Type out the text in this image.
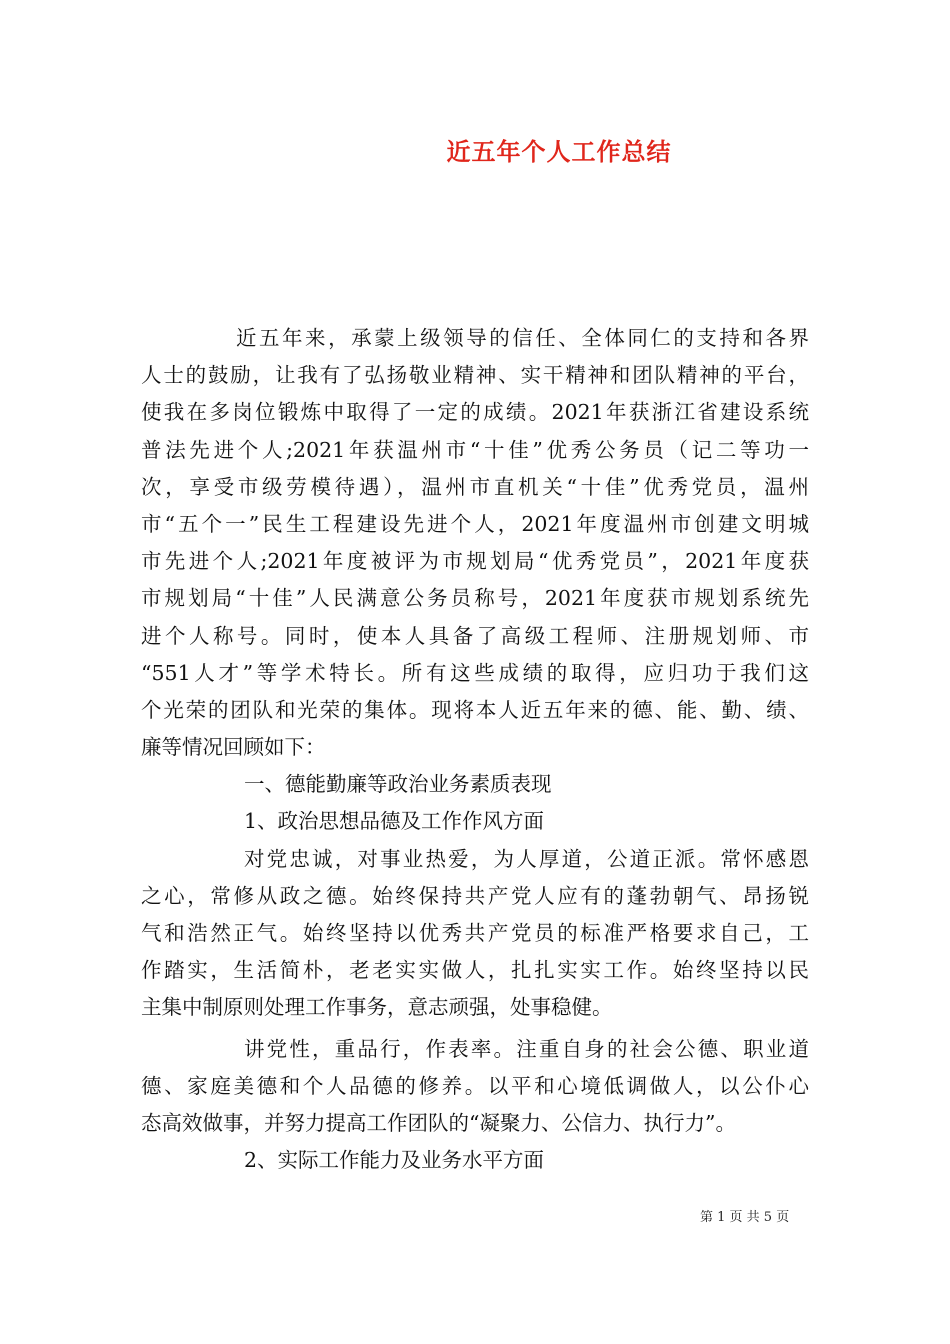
近五年个人工作总结
近五年来，承蒙上级领导的信任、全体同仁的支持和各界
人士的鼓励，让我有了弘扬敬业精神、实干精神和团队精神的平台，
使我在多岗位锻炼中取得了一定的成绩。2021年获浙江省建设系统
普法先进个人;2021年获温州市“十佳”优秀公务员（记二等功一
次，享受市级劳模待遇），温州市直机关“十佳”优秀党员，温州
市“五个一”民生工程建设先进个人，2021年度温州市创建文明城
市先进个人;2021年度被评为市规划局“优秀党员”，2021年度获
市规划局“十佳”人民满意公务员称号，2021年度获市规划系统先
进个人称号。同时，使本人具备了高级工程师、注册规划师、市
“551人才”等学术特长。所有这些成绩的取得，应归功于我们这
个光荣的团队和光荣的集体。现将本人近五年来的德、能、勤、绩、
廉等情况回顾如下：
一、德能勤廉等政治业务素质表现
1、政治思想品德及工作作风方面
对党忠诚，对事业热爱，为人厚道，公道正派。常怀感恩
之心，常修从政之德。始终保持共产党人应有的蓬勃朝气、昂扬锐
气和浩然正气。始终坚持以优秀共产党员的标准严格要求自己，工
作踏实，生活简朴，老老实实做人，扎扎实实工作。始终坚持以民
主集中制原则处理工作事务，意志顽强，处事稳健。
讲党性，重品行，作表率。注重自身的社会公德、职业道
德、家庭美德和个人品德的修养。以平和心境低调做人，以公仆心
态高效做事，并努力提高工作团队的“凝聚力、公信力、执行力”。
2、实际工作能力及业务水平方面
第 1 页 共 5 页
